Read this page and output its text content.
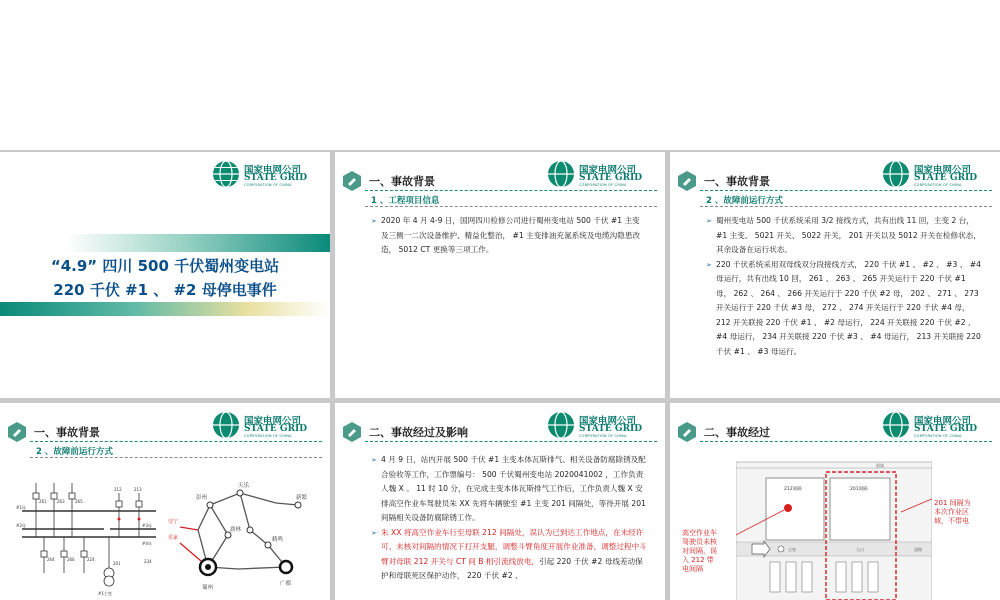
国家电网公司
STATE GRID
CORPORATION OF CHINA
“4.9” 四川 500 千伏蜀州变电站
220 千伏 #1 、 #2 母停电事件
一、事故背景
1 、工程项目信息
国家电网公司
STATE GRID
CORPORATION OF CHINA
➢ 2020 年 4 月 4-9 日，国网四川检修公司进行蜀州变电站 500 千伏 #1 主变及三侧一二次设备维护、精益化整治， #1 主变排油充氮系统及电缆沟隐患改造， 5012 CT 更换等三项工作。
一、事故背景
2 、故障前运行方式
国家电网公司
STATE GRID
CORPORATION OF CHINA
➢ 蜀州变电站 500 千伏系统采用 3/2 接线方式，共有出线 11 回，主变 2 台， #1 主变、 5021 开关、 5022 开关， 201 开关以及 5012 开关在检修状态，其余设备在运行状态。
➢ 220 千伏系统采用双母线双分段接线方式， 220 千伏 #1 、 #2 、 #3 、 #4 母运行，共有出线 10 回， 261 、 263 、 265 开关运行于 220 千伏 #1 母， 262 、 264 、 266 开关运行于 220 千伏 #2 母， 202 、 271 、 273 开关运行于 220 千伏 #3 母， 272 、 274 开关运行于 220 千伏 #4 母， 212 开关联接 220 千伏 #1 、 #2 母运行， 224 开关联接 220 千伏 #2 、 #4 母运行， 234 开关联接 220 千伏 #3 、 #4 母运行， 213 开关联接 220 千伏 #1 、 #3 母运行。
一、事故背景
2 、故障前运行方式
国家电网公司
STATE GRID
CORPORATION OF CHINA
#1母
#2母	#3母
#4母
261	263	265
264	266	224
212	213
201	234
#1主变
蜀州
天乐
彭州	新繁
旗林
鹤鸣
广都
崇宁
乐家
二、事故经过及影响
国家电网公司
STATE GRID
CORPORATION OF CHINA
➢ 4 月 9 日，站内开展 500 千伏 #1 主变本体瓦斯排气、相关设备防腐除锈及配合验收等工作，工作票编号： 500 千伏蜀州变电站 2020041002 ，工作负责人魏 X 。 11 时 10 分，在完成主变本体瓦斯排气工作后，工作负责人魏 X 安排高空作业车驾驶员朱 XX 先将车辆驶至 #1 主变 201 间隔处，等待开展 201 间隔相关设备防腐除锈工作。
➢ 朱 XX 将高空作业车行至母联 212 间隔处，误认为已到达工作地点，在未经许可、未核对间隔的情况下打开支腿，调整斗臂角度开展作业准备，调整过程中斗臂对母联 212 开关与 CT 间 B 相引流线放电，引起 220 千伏 #2 母线差动保护和母联死区保护动作， 220 千伏 #2 、
二、事故经过
国家电网公司
STATE GRID
CORPORATION OF CHINA
围墙
212间隔	201间隔
入口	道路
主变
201 间隔为
本次作业区
域，不带电
高空作业车
驾驶员未核
对间隔，误
入 212 带
电间隔
